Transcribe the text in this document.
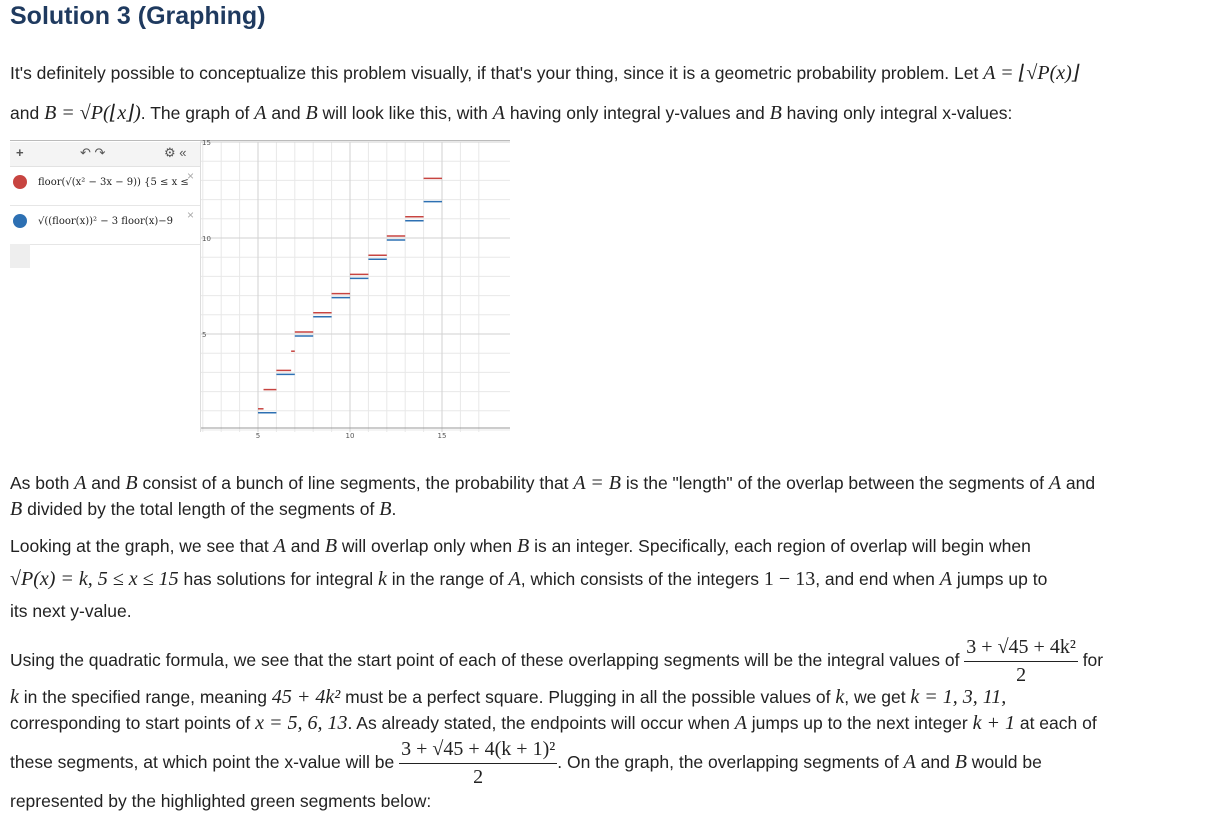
Solution 3 (Graphing)
It's definitely possible to conceptualize this problem visually, if that's your thing, since it is a geometric probability problem. Let A = ⌊√P(x)⌋
and B = √P(⌊x⌋). The graph of A and B will look like this, with A having only integral y-values and B having only integral x-values:
5	10	15
15
10
5
+	↶ ↷	⚙ «
floor(√(x² − 3x − 9)) {5 ≤ x ≤
×
√((floor(x))² − 3 floor(x)−9 ×
As both A and B consist of a bunch of line segments, the probability that A = B is the "length" of the overlap between the segments of A and
B divided by the total length of the segments of B.
Looking at the graph, we see that A and B will overlap only when B is an integer. Specifically, each region of overlap will begin when
√P(x) = k, 5 ≤ x ≤ 15 has solutions for integral k in the range of A, which consists of the integers 1 − 13, and end when A jumps up to
its next y-value.
Using the quadratic formula, we see that the start point of each of these overlapping segments will be the integral values of $\frac{\text{3 + √45 + 4k²}}{2}$ for
k in the specified range, meaning 45 + 4k² must be a perfect square. Plugging in all the possible values of k, we get k = 1, 3, 11,
corresponding to start points of x = 5, 6, 13. As already stated, the endpoints will occur when A jumps up to the next integer k + 1 at each of
these segments, at which point the x-value will be $\frac{\text{3 + √45 + 4(k + 1)²}}{2}$ . On the graph, the overlapping segments of A and B would be
represented by the highlighted green segments below:
